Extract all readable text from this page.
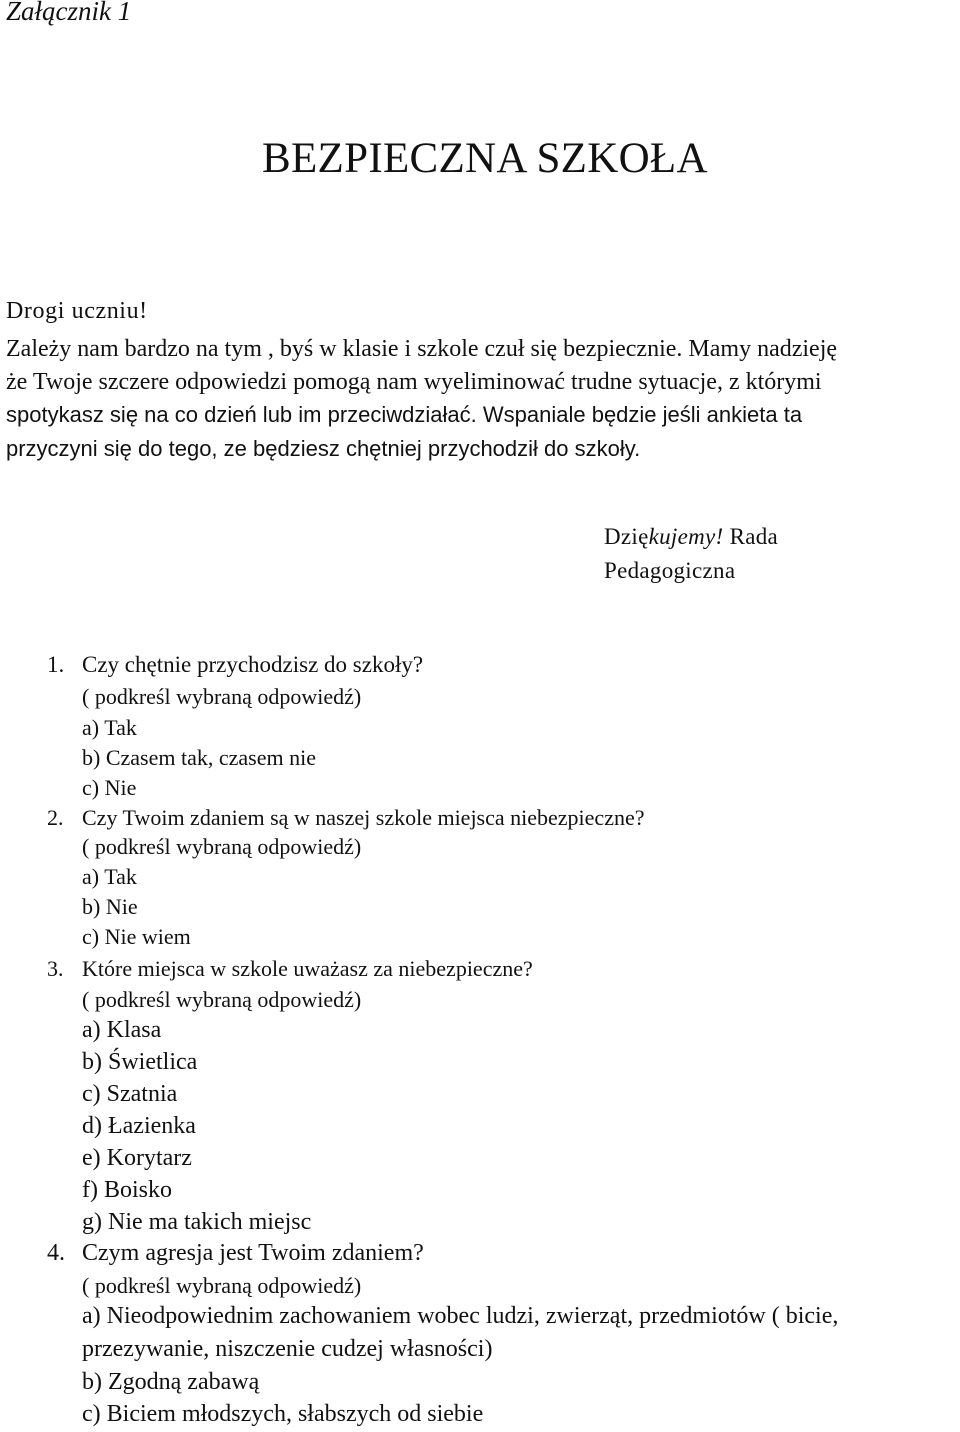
Załącznik 1
BEZPIECZNA SZKOŁA
Drogi uczniu!
Zależy nam bardzo na tym , byś w klasie i szkole czuł się bezpiecznie. Mamy nadzieję
że Twoje szczere odpowiedzi pomogą nam wyeliminować trudne sytuacje, z którymi
spotykasz się na co dzień lub im przeciwdziałać. Wspaniale będzie jeśli ankieta ta
przyczyni się do tego, ze będziesz chętniej przychodził do szkoły.
Dziękujemy! Rada
Pedagogiczna
1. Czy chętnie przychodzisz do szkoły?
( podkreśl wybraną odpowiedź)
a) Tak
b) Czasem tak, czasem nie
c) Nie
2. Czy Twoim zdaniem są w naszej szkole miejsca niebezpieczne?
( podkreśl wybraną odpowiedź)
a) Tak
b) Nie
c) Nie wiem
3. Które miejsca w szkole uważasz za niebezpieczne?
( podkreśl wybraną odpowiedź)
a) Klasa
b) Świetlica
c) Szatnia
d) Łazienka
e) Korytarz
f) Boisko
g) Nie ma takich miejsc
4. Czym agresja jest Twoim zdaniem?
( podkreśl wybraną odpowiedź)
a) Nieodpowiednim zachowaniem wobec ludzi, zwierząt, przedmiotów ( bicie,
przezywanie, niszczenie cudzej własności)
b) Zgodną zabawą
c) Biciem młodszych, słabszych od siebie
